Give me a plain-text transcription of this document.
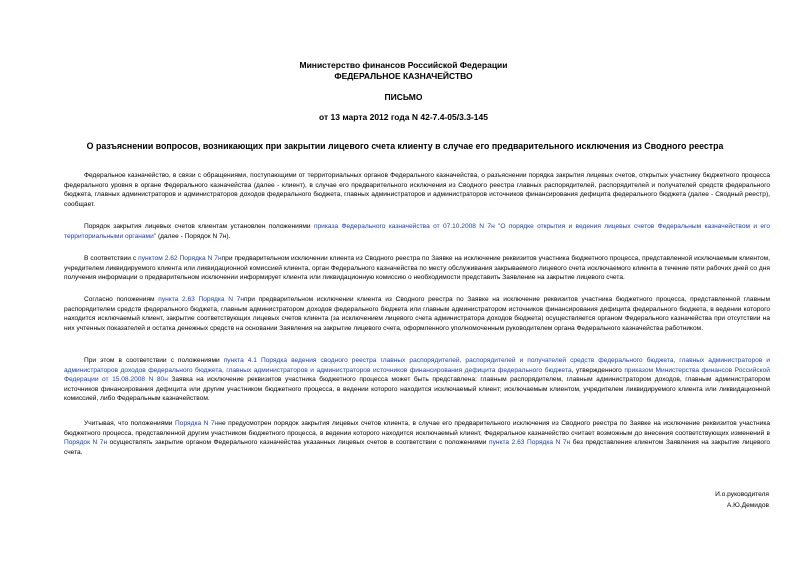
Министерство финансов Российской Федерации
ФЕДЕРАЛЬНОЕ КАЗНАЧЕЙСТВО
ПИСЬМО
от 13 марта 2012 года N 42-7.4-05/3.3-145
О разъяснении вопросов, возникающих при закрытии лицевого счета клиенту в случае его предварительного исключения из Сводного реестра
Федеральное казначейство, в связи с обращениями, поступающими от территориальных органов Федерального казначейства, о разъяснении порядка закрытия лицевых счетов, открытых участнику бюджетного процесса федерального уровня в органе Федерального казначейства (далее - клиент), в случае его предварительного исключения из Сводного реестра главных распорядителей, распорядителей и получателей средств федерального бюджета, главных администраторов и администраторов доходов федерального бюджета, главных администраторов и администраторов источников финансирования дефицита федерального бюджета (далее - Сводный реестр), сообщает.
Порядок закрытия лицевых счетов клиентам установлен положениями приказа Федерального казначейства от 07.10.2008 N 7н "О порядке открытия и ведения лицевых счетов Федеральным казначейством и его территориальными органами" (далее - Порядок N 7н).
В соответствии с пунктом 2.62 Порядка N 7нпри предварительном исключении клиента из Сводного реестра по Заявке на исключение реквизитов участника бюджетного процесса, представленной исключаемым клиентом, учредителем ликвидируемого клиента или ликвидационной комиссией клиента, орган Федерального казначейства по месту обслуживания закрываемого лицевого счета исключаемого клиента в течение пяти рабочих дней со дня получения информации о предварительном исключении информирует клиента или ликвидационную комиссию о необходимости представить Заявление на закрытие лицевого счета.
Согласно положениям пункта 2.63 Порядка N 7нпри предварительном исключении клиента из Сводного реестра по Заявке на исключение реквизитов участника бюджетного процесса, представленной главным распорядителем средств федерального бюджета, главным администратором доходов федерального бюджета или главным администратором источников финансирования дефицита федерального бюджета, в ведении которого находится исключаемый клиент, закрытие соответствующих лицевых счетов клиента (за исключением лицевого счета администратора доходов бюджета) осуществляется органом Федерального казначейства при отсутствии на них учтенных показателей и остатка денежных средств на основании Заявления на закрытие лицевого счета, оформленного уполномоченным руководителем органа Федерального казначейства работником.
При этом в соответствии с положениями пункта 4.1 Порядка ведения сводного реестра главных распорядителей, распорядителей и получателей средств федерального бюджета, главных администраторов и администраторов доходов федерального бюджета, главных администраторов и администраторов источников финансирования дефицита федерального бюджета, утвержденного приказом Министерства финансов Российской Федерации от 15.08.2008 N 80н Заявка на исключение реквизитов участника бюджетного процесса может быть представлена: главным распорядителем, главным администратором доходов, главным администратором источников финансирования дефицита или другим участником бюджетного процесса, в ведении которого находится исключаемый клиент; исключаемым клиентом, учредителем ликвидируемого клиента или ликвидационной комиссией, либо Федеральным казначейством.
Учитывая, что положениями Порядка N 7нне предусмотрен порядок закрытия лицевых счетов клиента, в случае его предварительного исключения из Сводного реестра по Заявке на исключение реквизитов участника бюджетного процесса, представленной другим участником бюджетного процесса, в ведении которого находится исключаемый клиент, Федеральное казначейство считает возможным до внесения соответствующих изменений в Порядок N 7н осуществлять закрытие органом Федерального казначейства указанных лицевых счетов в соответствии с положениями пункта 2.63 Порядка N 7н без представления клиентом Заявления на закрытие лицевого счета.
И.о.руководителя
А.Ю.Демидов
